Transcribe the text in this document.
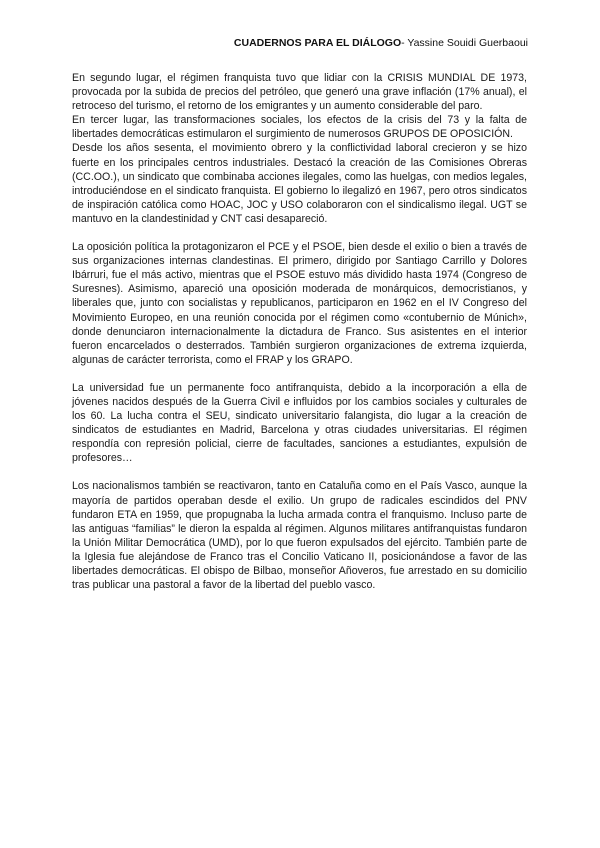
CUADERNOS PARA EL DIÁLOGO- Yassine Souidi Guerbaoui

En segundo lugar, el régimen franquista tuvo que lidiar con la CRISIS MUNDIAL DE 1973, provocada por la subida de precios del petróleo, que generó una grave inflación (17% anual), el retroceso del turismo, el retorno de los emigrantes y un aumento considerable del paro.

En tercer lugar, las transformaciones sociales, los efectos de la crisis del 73 y la falta de libertades democráticas estimularon el surgimiento de numerosos GRUPOS DE OPOSICIÓN.

Desde los años sesenta, el movimiento obrero y la conflictividad laboral crecieron y se hizo fuerte en los principales centros industriales. Destacó la creación de las Comisiones Obreras (CC.OO.), un sindicato que combinaba acciones ilegales, como las huelgas, con medios legales, introduciéndose en el sindicato franquista. El gobierno lo ilegalizó en 1967, pero otros sindicatos de inspiración católica como HOAC, JOC y USO colaboraron con el sindicalismo ilegal. UGT se mantuvo en la clandestinidad y CNT casi desapareció.

La oposición política la protagonizaron el PCE y el PSOE, bien desde el exilio o bien a través de sus organizaciones internas clandestinas. El primero, dirigido por Santiago Carrillo y Dolores Ibárruri, fue el más activo, mientras que el PSOE estuvo más dividido hasta 1974 (Congreso de Suresnes). Asimismo, apareció una oposición moderada de monárquicos, democristianos, y liberales que, junto con socialistas y republicanos, participaron en 1962 en el IV Congreso del Movimiento Europeo, en una reunión conocida por el régimen como «contubernio de Múnich», donde denunciaron internacionalmente la dictadura de Franco. Sus asistentes en el interior fueron encarcelados o desterrados. También surgieron organizaciones de extrema izquierda, algunas de carácter terrorista, como el FRAP y los GRAPO.

La universidad fue un permanente foco antifranquista, debido a la incorporación a ella de jóvenes nacidos después de la Guerra Civil e influidos por los cambios sociales y culturales de los 60. La lucha contra el SEU, sindicato universitario falangista, dio lugar a la creación de sindicatos de estudiantes en Madrid, Barcelona y otras ciudades universitarias. El régimen respondía con represión policial, cierre de facultades, sanciones a estudiantes, expulsión de profesores…

Los nacionalismos también se reactivaron, tanto en Cataluña como en el País Vasco, aunque la mayoría de partidos operaban desde el exilio. Un grupo de radicales escindidos del PNV fundaron ETA en 1959, que propugnaba la lucha armada contra el franquismo. Incluso parte de las antiguas “familias” le dieron la espalda al régimen. Algunos militares antifranquistas fundaron la Unión Militar Democrática (UMD), por lo que fueron expulsados del ejército. También parte de la Iglesia fue alejándose de Franco tras el Concilio Vaticano II, posicionándose a favor de las libertades democráticas. El obispo de Bilbao, monseñor Añoveros, fue arrestado en su domicilio tras publicar una pastoral a favor de la libertad del pueblo vasco.
